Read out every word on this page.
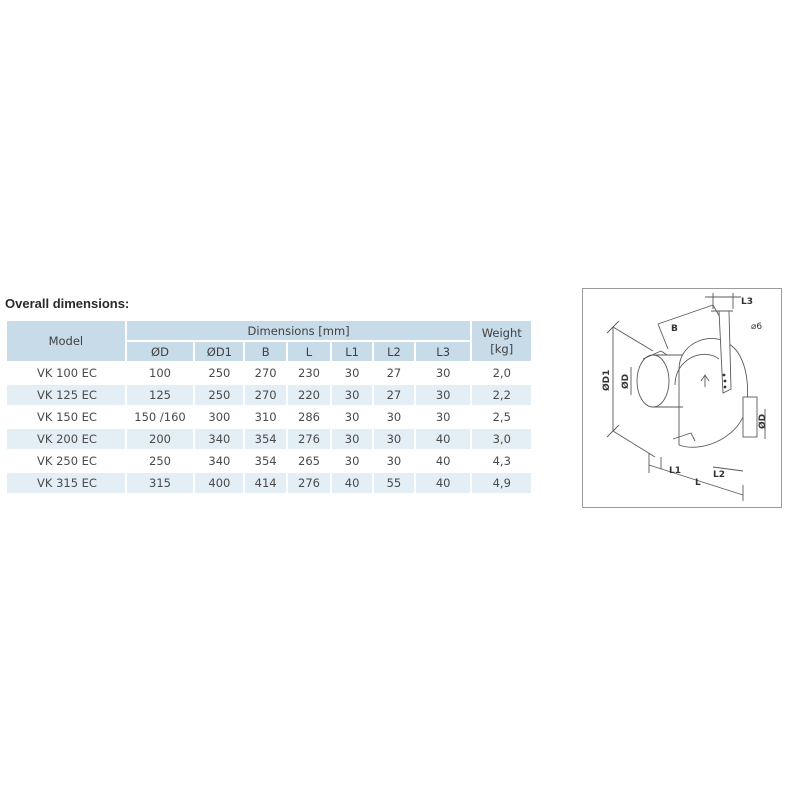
Overall dimensions:
Model	Dimensions [mm]							Weight [kg]
	ØD	ØD1	B	L	L1	L2	L3	
VK 100 EC	100	250	270	230	30	27	30	2,0
VK 125 EC	125	250	270	220	30	27	30	2,2
VK 150 EC	150 /160	300	310	286	30	30	30	2,5
VK 200 EC	200	340	354	276	30	30	40	3,0
VK 250 EC	250	340	354	265	30	30	40	4,3
VK 315 EC	315	400	414	276	40	55	40	4,9
L3
B	⌀6
ØD1 ØD
ØD
L1	L2
L
